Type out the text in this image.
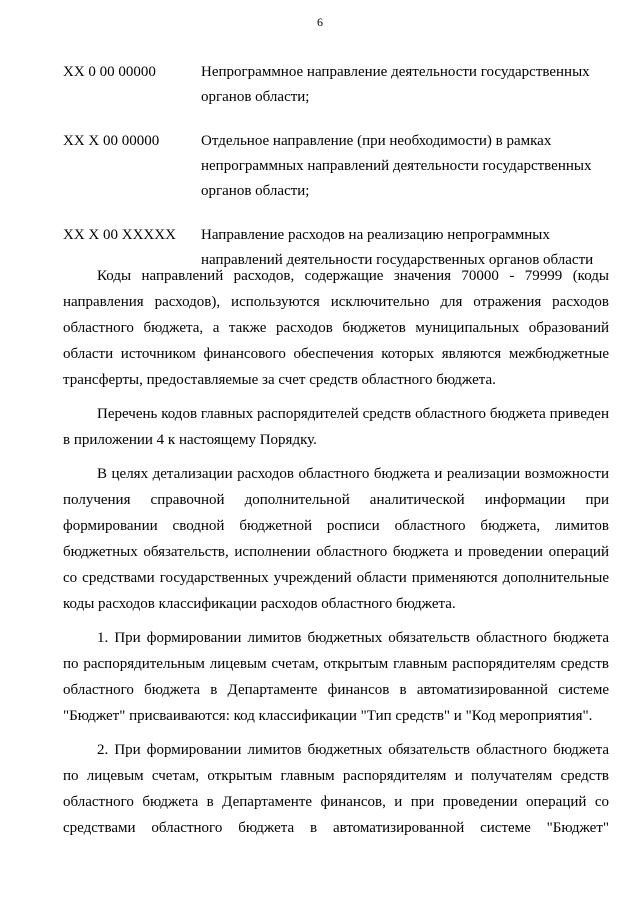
6
XX 0 00 00000	Непрограммное направление деятельности государственных органов области;
XX X 00 00000	Отдельное направление (при необходимости) в рамках непрограммных направлений деятельности государственных органов области;
XX X 00 XXXXX	Направление расходов на реализацию непрограммных направлений деятельности государственных органов области

Коды направлений расходов, содержащие значения 70000 - 79999 (коды направления расходов), используются исключительно для отражения расходов областного бюджета, а также расходов бюджетов муниципальных образований области источником финансового обеспечения которых являются межбюджетные трансферты, предоставляемые за счет средств областного бюджета.

Перечень кодов главных распорядителей средств областного бюджета приведен в приложении 4 к настоящему Порядку.

В целях детализации расходов областного бюджета и реализации возможности получения справочной дополнительной аналитической информации при формировании сводной бюджетной росписи областного бюджета, лимитов бюджетных обязательств, исполнении областного бюджета и проведении операций со средствами государственных учреждений области применяются дополнительные коды расходов классификации расходов областного бюджета.

1. При формировании лимитов бюджетных обязательств областного бюджета по распорядительным лицевым счетам, открытым главным распорядителям средств областного бюджета в Департаменте финансов в автоматизированной системе "Бюджет" присваиваются: код классификации "Тип средств" и "Код мероприятия".

2. При формировании лимитов бюджетных обязательств областного бюджета по лицевым счетам, открытым главным распорядителям и получателям средств областного бюджета в Департаменте финансов, и при проведении операций со средствами областного бюджета в автоматизированной системе "Бюджет"
